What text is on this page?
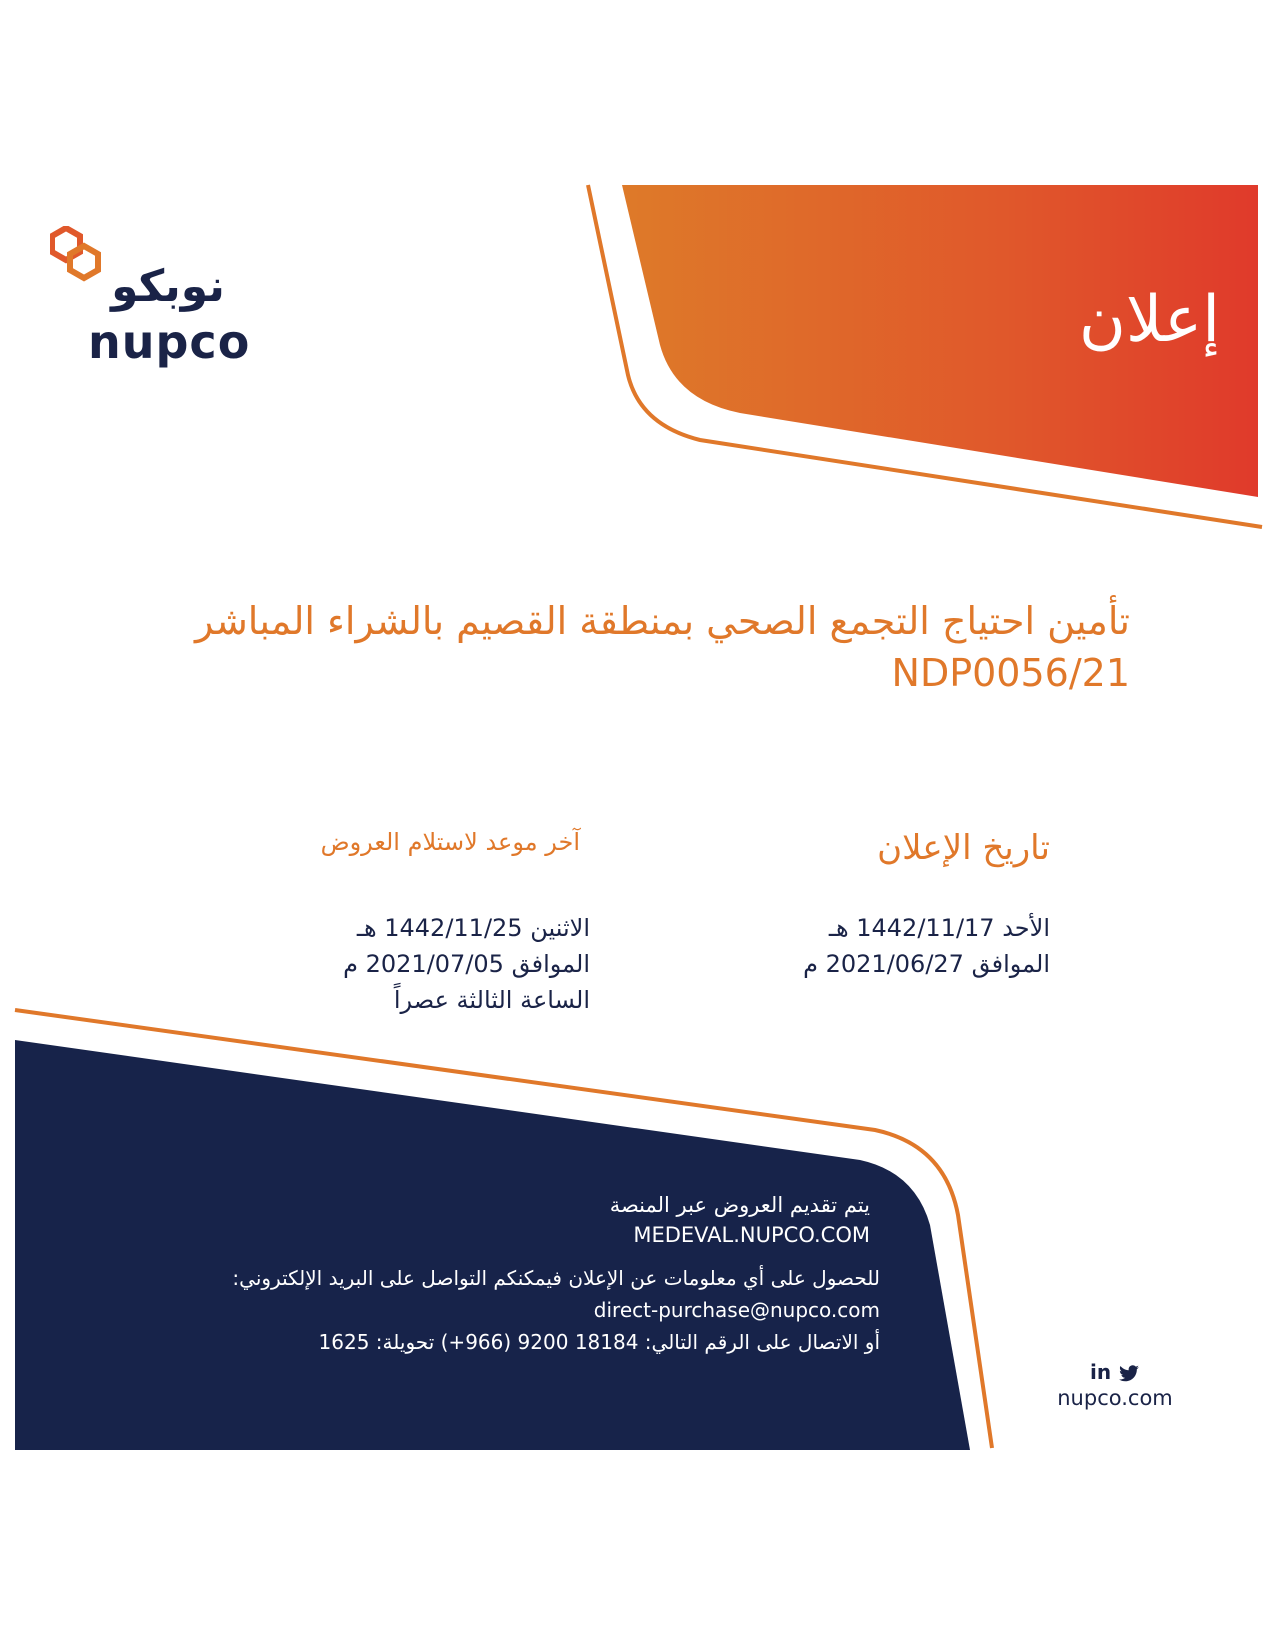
نوبكو
nupco	إعلان
تأمين احتياج التجمع الصحي بمنطقة القصيم بالشراء المباشر
NDP0056/21
تاريخ الإعلان
الأحد 1442/11/17 هـ
الموافق 2021/06/27 م
آخر موعد لاستلام العروض
الاثنين 1442/11/25 هـ
الموافق 2021/07/05 م
الساعة الثالثة عصراً
يتم تقديم العروض عبر المنصة
MEDEVAL.NUPCO.COM
للحصول على أي معلومات عن الإعلان فيمكنكم التواصل على البريد الإلكتروني:
direct-purchase@nupco.com
أو الاتصال على الرقم التالي: 18184 9200 (966+) تحويلة: 1625
in
nupco.com
